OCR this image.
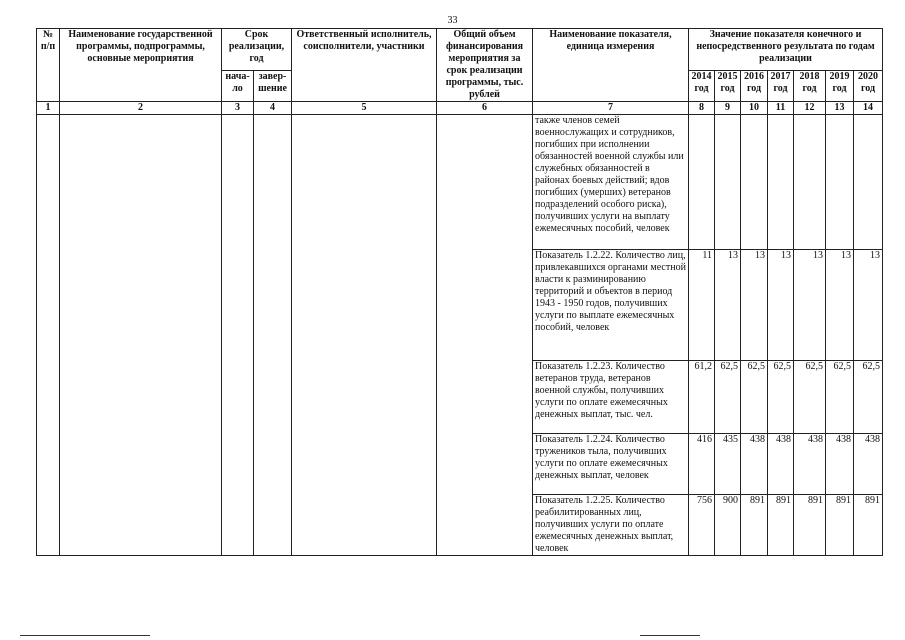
33
№ п/п	Наименование государственной программы, подпрограммы, основные мероприятия	Срок реализации, год		Ответственный исполнитель, соисполнители, участники	Общий объем финансирования мероприятия за срок реализации программы, тыс. рублей	Наименование показателя, единица измерения	Значение показателя конечного и непосредственного результата по годам реализации						
		нача-ло	завер-шение				2014 год	2015 год	2016 год	2017 год	2018 год	2019 год	2020 год
1	2	3	4	5	6	7	8	9	10	11	12	13	14
						также членов семей военнослужащих и сотрудников, погибших при исполнении обязанностей военной службы или служебных обязанностей в районах боевых действий; вдов погибших (умерших) ветеранов подразделений особого риска), получивших услуги на выплату ежемесячных пособий, человек							
						Показатель 1.2.22. Количество лиц, привлекавшихся органами местной власти к разминированию территорий и объектов в период 1943 - 1950 годов, получивших услуги по выплате ежемесячных пособий, человек	11	13	13	13	13	13	13
						Показатель 1.2.23. Количество ветеранов труда, ветеранов военной службы, получивших услуги по оплате ежемесячных денежных выплат, тыс. чел.	61,2	62,5	62,5	62,5	62,5	62,5	62,5
						Показатель 1.2.24. Количество тружеников тыла, получивших услуги по оплате ежемесячных денежных выплат, человек	416	435	438	438	438	438	438
						Показатель 1.2.25. Количество реабилитированных лиц, получивших услуги по оплате ежемесячных денежных выплат, человек	756	900	891	891	891	891	891
